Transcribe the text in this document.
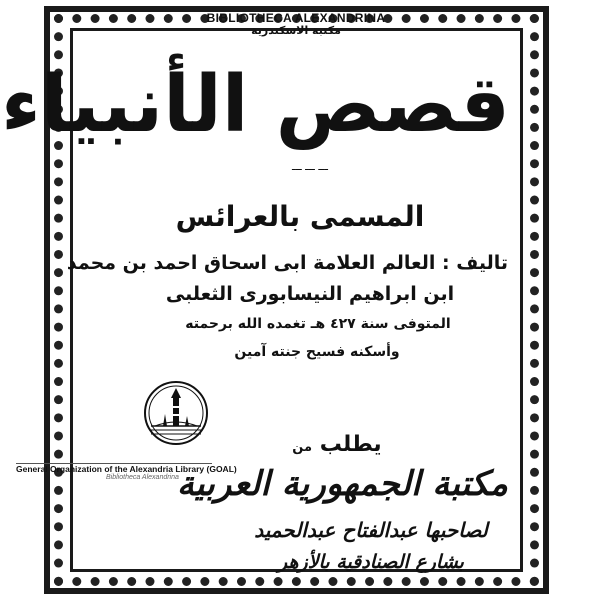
BIBLIOTHECA ALEXANDRINA
مكتبة الاسكندرية
قصص الأنبياء
ـــ ـــ ـــ
المسمى بالعرائس
تاليف : العالم العلامة ابى اسحاق احمد بن محمد
ابن ابراهيم النيسابورى الثعلبى
المتوفى سنة ٤٢٧ هـ تغمده الله برحمته
وأسكنه فسيح جنته آمين
يطلب من
General Organization of the Alexandria Library (GOAL)
Bibliotheca Alexandrina
مكتبة الجمهورية العربية
لصاحبها عبدالفتاح عبدالحميد
بشارع الصنادقية بالأزهر
